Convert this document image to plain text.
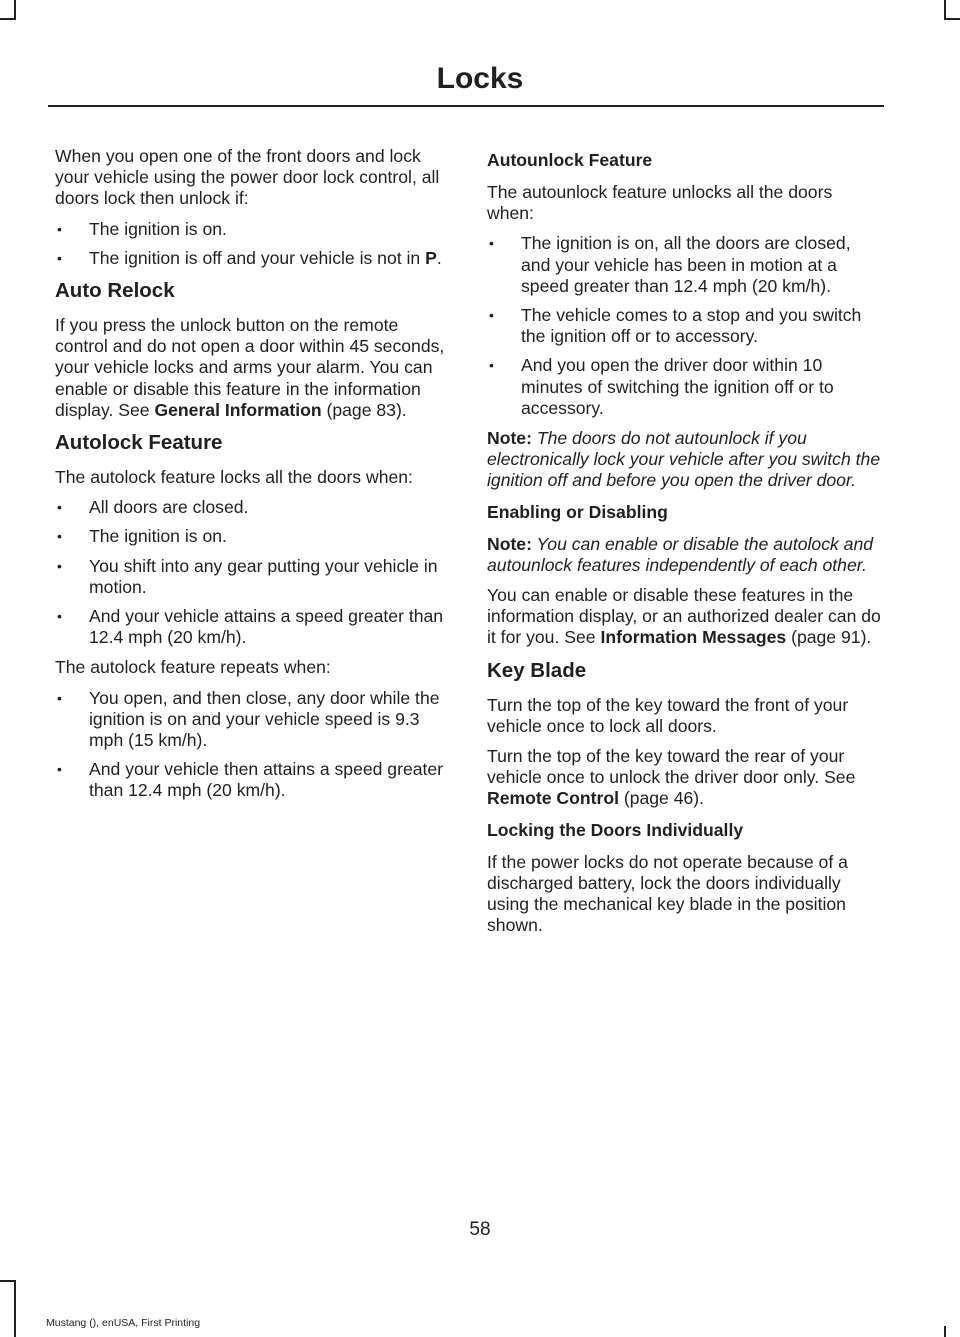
Locks

When you open one of the front doors and lock your vehicle using the power door lock control, all doors lock then unlock if:

• The ignition is on.
• The ignition is off and your vehicle is not in P.
Auto Relock

If you press the unlock button on the remote control and do not open a door within 45 seconds, your vehicle locks and arms your alarm. You can enable or disable this feature in the information display. See General Information (page 83).

Autolock Feature

The autolock feature locks all the doors when:

• All doors are closed.
• The ignition is on.
• You shift into any gear putting your vehicle in motion.
• And your vehicle attains a speed greater than 12.4 mph (20 km/h).

The autolock feature repeats when:

• You open, and then close, any door while the ignition is on and your vehicle speed is 9.3 mph (15 km/h).
• And your vehicle then attains a speed greater than 12.4 mph (20 km/h).
Autounlock Feature

The autounlock feature unlocks all the doors when:

• The ignition is on, all the doors are closed, and your vehicle has been in motion at a speed greater than 12.4 mph (20 km/h).
• The vehicle comes to a stop and you switch the ignition off or to accessory.
• And you open the driver door within 10 minutes of switching the ignition off or to accessory.

Note: The doors do not autounlock if you electronically lock your vehicle after you switch the ignition off and before you open the driver door.

Enabling or Disabling

Note: You can enable or disable the autolock and autounlock features independently of each other.

You can enable or disable these features in the information display, or an authorized dealer can do it for you. See Information Messages (page 91).

Key Blade

Turn the top of the key toward the front of your vehicle once to lock all doors.

Turn the top of the key toward the rear of your vehicle once to unlock the driver door only. See Remote Control (page 46).

Locking the Doors Individually

If the power locks do not operate because of a discharged battery, lock the doors individually using the mechanical key blade in the position shown.

58
Mustang (), enUSA, First Printing
